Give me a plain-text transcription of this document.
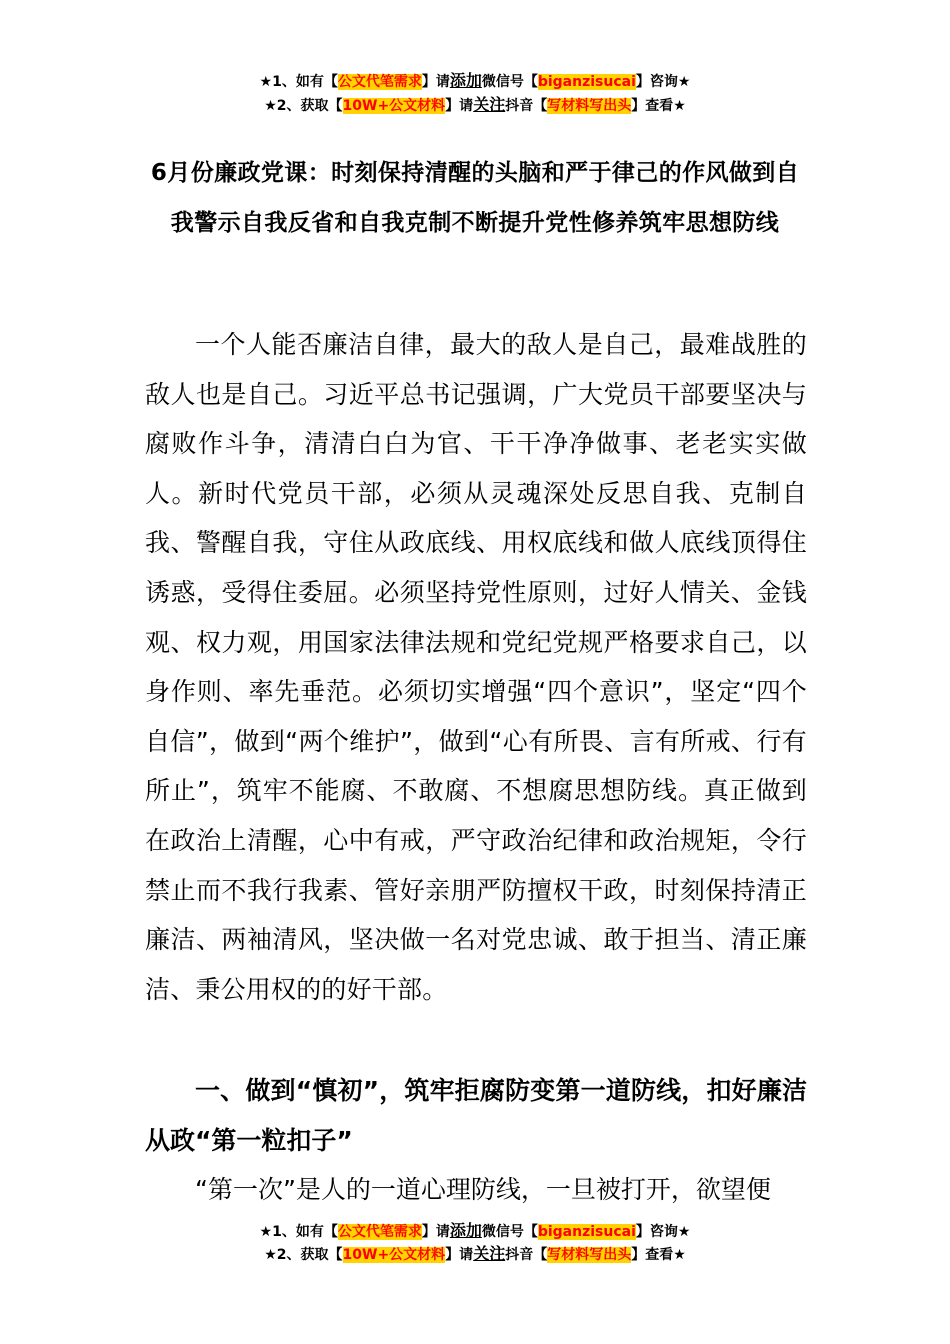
★1、如有【公文代笔需求】请添加微信号【biganzisucai】咨询★
★2、获取【10W+公文材料】请关注抖音【写材料写出头】查看★
6月份廉政党课：时刻保持清醒的头脑和严于律己的作风做到自我警示自我反省和自我克制不断提升党性修养筑牢思想防线

一个人能否廉洁自律，最大的敌人是自己，最难战胜的敌人也是自己。习近平总书记强调，广大党员干部要坚决与腐败作斗争，清清白白为官、干干净净做事、老老实实做人。新时代党员干部，必须从灵魂深处反思自我、克制自我、警醒自我，守住从政底线、用权底线和做人底线顶得住诱惑，受得住委屈。必须坚持党性原则，过好人情关、金钱观、权力观，用国家法律法规和党纪党规严格要求自己，以身作则、率先垂范。必须切实增强“四个意识”，坚定“四个自信”，做到“两个维护”，做到“心有所畏、言有所戒、行有所止”，筑牢不能腐、不敢腐、不想腐思想防线。真正做到在政治上清醒，心中有戒，严守政治纪律和政治规矩，令行禁止而不我行我素、管好亲朋严防擅权干政，时刻保持清正廉洁、两袖清风，坚决做一名对党忠诚、敢于担当、清正廉洁、秉公用权的的好干部。

一、做到“慎初”，筑牢拒腐防变第一道防线，扣好廉洁从政“第一粒扣子”

“第一次”是人的一道心理防线，一旦被打开，欲望便

★1、如有【公文代笔需求】请添加微信号【biganzisucai】咨询★
★2、获取【10W+公文材料】请关注抖音【写材料写出头】查看★
